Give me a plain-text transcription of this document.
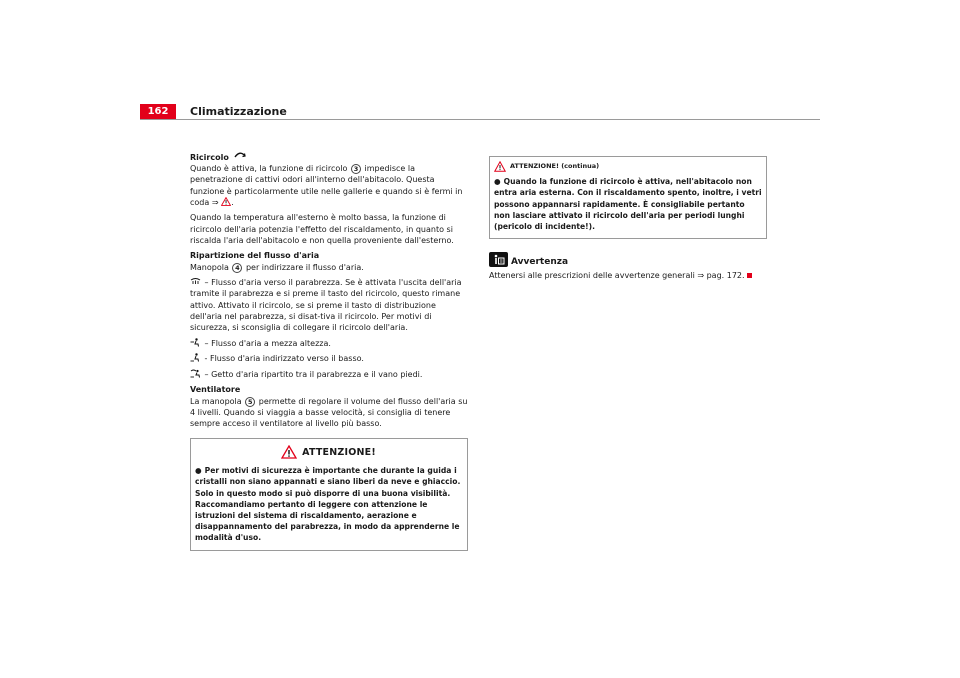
162	Climatizzazione
Ricircolo
Quando è attiva, la funzione di ricircolo 3 impedisce la penetrazione di cattivi odori all'interno dell'abitacolo. Questa funzione è particolarmente utile nelle gallerie e quando si è fermi in coda ⇒ .
Quando la temperatura all'esterno è molto bassa, la funzione di ricircolo dell'aria potenzia l'effetto del riscaldamento, in quanto si riscalda l'aria dell'abitacolo e non quella proveniente dall'esterno.
Ripartizione del flusso d'aria
Manopola 4 per indirizzare il flusso d'aria.
– Flusso d'aria verso il parabrezza. Se è attivata l'uscita dell'aria tramite il parabrezza e si preme il tasto del ricircolo, questo rimane attivo. Attivato il ricircolo, se si preme il tasto di distribuzione dell'aria nel parabrezza, si disat-tiva il ricircolo. Per motivi di sicurezza, si sconsiglia di collegare il ricircolo dell'aria.
– Flusso d'aria a mezza altezza.
- Flusso d'aria indirizzato verso il basso.
– Getto d'aria ripartito tra il parabrezza e il vano piedi.
Ventilatore
La manopola 5 permette di regolare il volume del flusso dell'aria su 4 livelli. Quando si viaggia a basse velocità, si consiglia di tenere sempre acceso il ventilatore al livello più basso.
ATTENZIONE!
● Per motivi di sicurezza è importante che durante la guida i cristalli non siano appannati e siano liberi da neve e ghiaccio. Solo in questo modo si può disporre di una buona visibilità. Raccomandiamo pertanto di leggere con attenzione le istruzioni del sistema di riscaldamento, aerazione e disappannamento del parabrezza, in modo da apprenderne le modalità d'uso.
ATTENZIONE! (continua)
● Quando la funzione di ricircolo è attiva, nell'abitacolo non entra aria esterna. Con il riscaldamento spento, inoltre, i vetri possono appannarsi rapidamente. È consigliabile pertanto non lasciare attivato il ricircolo dell'aria per periodi lunghi (pericolo di incidente!).
Avvertenza
Attenersi alle prescrizioni delle avvertenze generali ⇒ pag. 172.
